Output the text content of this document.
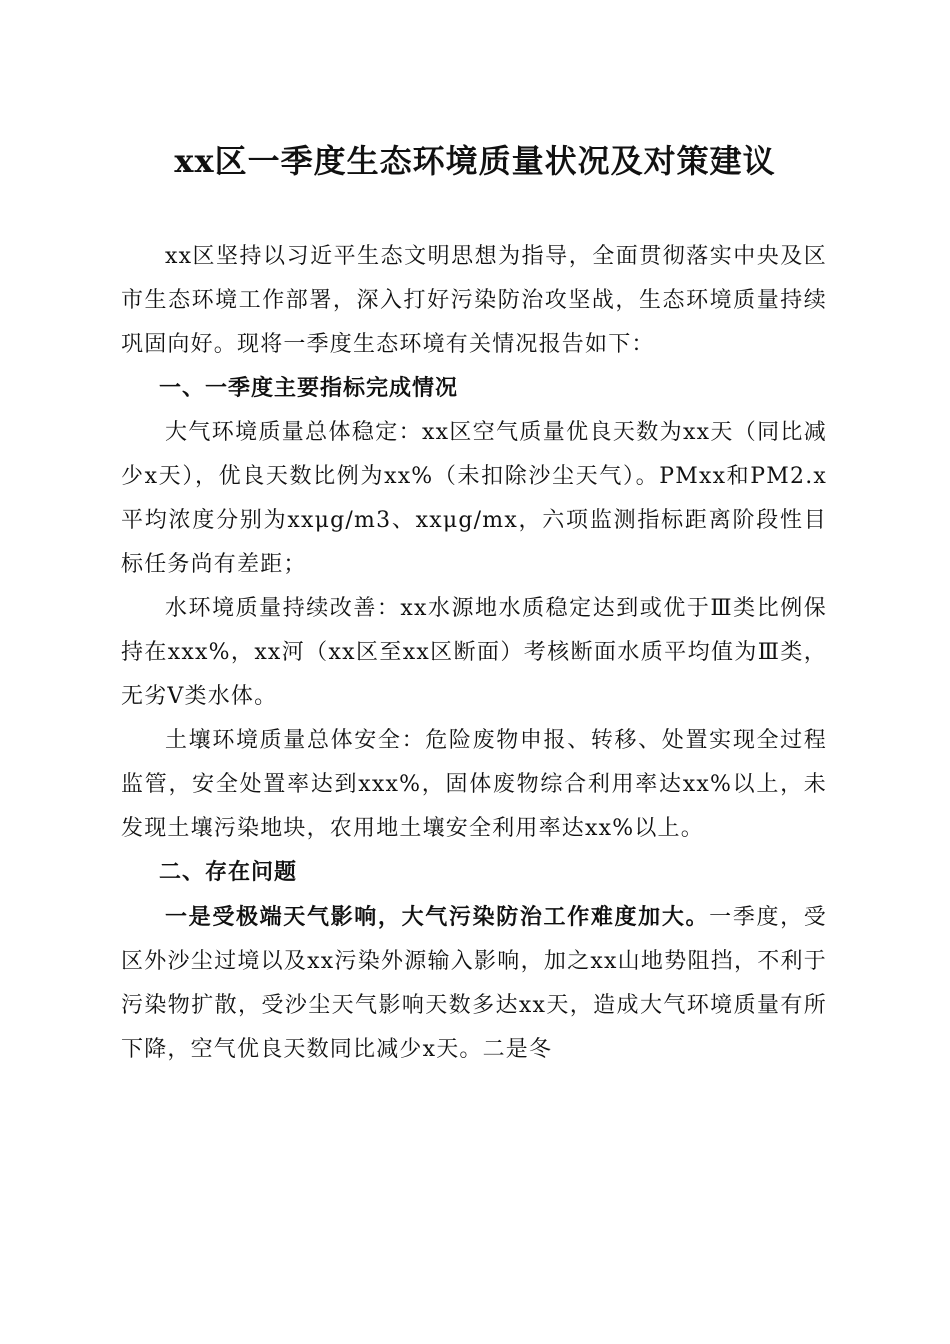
xx区一季度生态环境质量状况及对策建议

xx区坚持以习近平生态文明思想为指导，全面贯彻落实中央及区市生态环境工作部署，深入打好污染防治攻坚战，生态环境质量持续巩固向好。现将一季度生态环境有关情况报告如下：

一、一季度主要指标完成情况

大气环境质量总体稳定：xx区空气质量优良天数为xx天（同比减少x天），优良天数比例为xx%（未扣除沙尘天气）。PMxx和PM2.x平均浓度分别为xxμg/m3、xxμg/mx，六项监测指标距离阶段性目标任务尚有差距；

水环境质量持续改善：xx水源地水质稳定达到或优于Ⅲ类比例保持在xxx%，xx河（xx区至xx区断面）考核断面水质平均值为Ⅲ类，无劣Ⅴ类水体。

土壤环境质量总体安全：危险废物申报、转移、处置实现全过程监管，安全处置率达到xxx%，固体废物综合利用率达xx%以上，未发现土壤污染地块，农用地土壤安全利用率达xx%以上。

二、存在问题

一是受极端天气影响，大气污染防治工作难度加大。一季度，受区外沙尘过境以及xx污染外源输入影响，加之xx山地势阻挡，不利于污染物扩散，受沙尘天气影响天数多达xx天，造成大气环境质量有所下降，空气优良天数同比减少x天。二是冬
